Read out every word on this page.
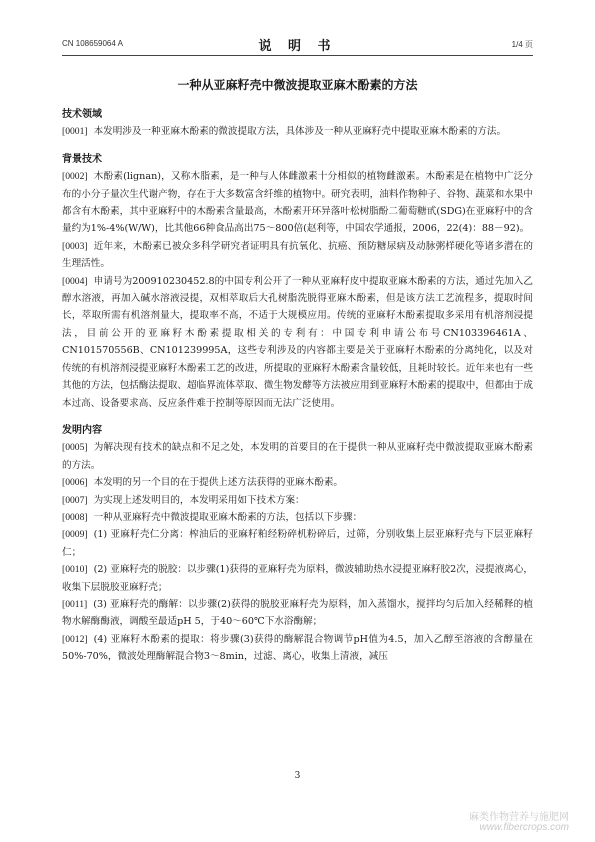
CN 108659064 A	说 明 书	1/4 页
一种从亚麻籽壳中微波提取亚麻木酚素的方法
技术领域
[0001] 本发明涉及一种亚麻木酚素的微波提取方法，具体涉及一种从亚麻籽壳中提取亚麻木酚素的方法。
背景技术
[0002] 木酚素(lignan)，又称木脂素，是一种与人体雌激素十分相似的植物雌激素。木酚素是在植物中广泛分布的小分子量次生代谢产物，存在于大多数富含纤维的植物中。研究表明，油料作物种子、谷物、蔬菜和水果中都含有木酚素，其中亚麻籽中的木酚素含量最高，木酚素开环异落叶松树脂酚二葡萄糖甙(SDG)在亚麻籽中的含量约为1%-4%(W/W)，比其他66种食品高出75～800倍(赵利等，中国农学通报，2006，22(4)：88－92)。
[0003] 近年来，木酚素已被众多科学研究者证明具有抗氧化、抗癌、预防糖尿病及动脉粥样硬化等诸多潜在的生理活性。
[0004] 申请号为200910230452.8的中国专利公开了一种从亚麻籽皮中提取亚麻木酚素的方法，通过先加入乙醇水溶液，再加入碱水溶液浸提，双相萃取后大孔树脂洗脱得亚麻木酚素，但是该方法工艺流程多，提取时间长，萃取所需有机溶剂量大，提取率不高，不适于大规模应用。传统的亚麻籽木酚素提取多采用有机溶剂浸提法，目前公开的亚麻籽木酚素提取相关的专利有：中国专利申请公布号CN103396461A、CN101570556B、CN101239995A，这些专利涉及的内容都主要是关于亚麻籽木酚素的分离纯化，以及对传统的有机溶剂浸提亚麻籽木酚素工艺的改进，所提取的亚麻籽木酚素含量较低，且耗时较长。近年来也有一些其他的方法，包括酶法提取、超临界流体萃取、微生物发酵等方法被应用到亚麻籽木酚素的提取中，但都由于成本过高、设备要求高、反应条件难于控制等原因而无法广泛使用。
发明内容
[0005] 为解决现有技术的缺点和不足之处，本发明的首要目的在于提供一种从亚麻籽壳中微波提取亚麻木酚素的方法。
[0006] 本发明的另一个目的在于提供上述方法获得的亚麻木酚素。
[0007] 为实现上述发明目的，本发明采用如下技术方案：
[0008] 一种从亚麻籽壳中微波提取亚麻木酚素的方法，包括以下步骤：
[0009] (1) 亚麻籽壳仁分离：榨油后的亚麻籽粕经粉碎机粉碎后，过筛，分别收集上层亚麻籽壳与下层亚麻籽仁；
[0010] (2) 亚麻籽壳的脱胶：以步骤(1)获得的亚麻籽壳为原料，微波辅助热水浸提亚麻籽胶2次，浸提液离心，收集下层脱胶亚麻籽壳；
[0011] (3) 亚麻籽壳的酶解：以步骤(2)获得的脱胶亚麻籽壳为原料，加入蒸馏水，搅拌均匀后加入经稀释的植物水解酶酶液，调酸至最适pH 5，于40～60℃下水浴酶解；
[0012] (4) 亚麻籽木酚素的提取：将步骤(3)获得的酶解混合物调节pH值为4.5，加入乙醇至溶液的含醇量在50%-70%，微波处理酶解混合物3～8min，过滤、离心，收集上清液，减压
3
麻类作物营养与施肥网
www.fibercrops.com
